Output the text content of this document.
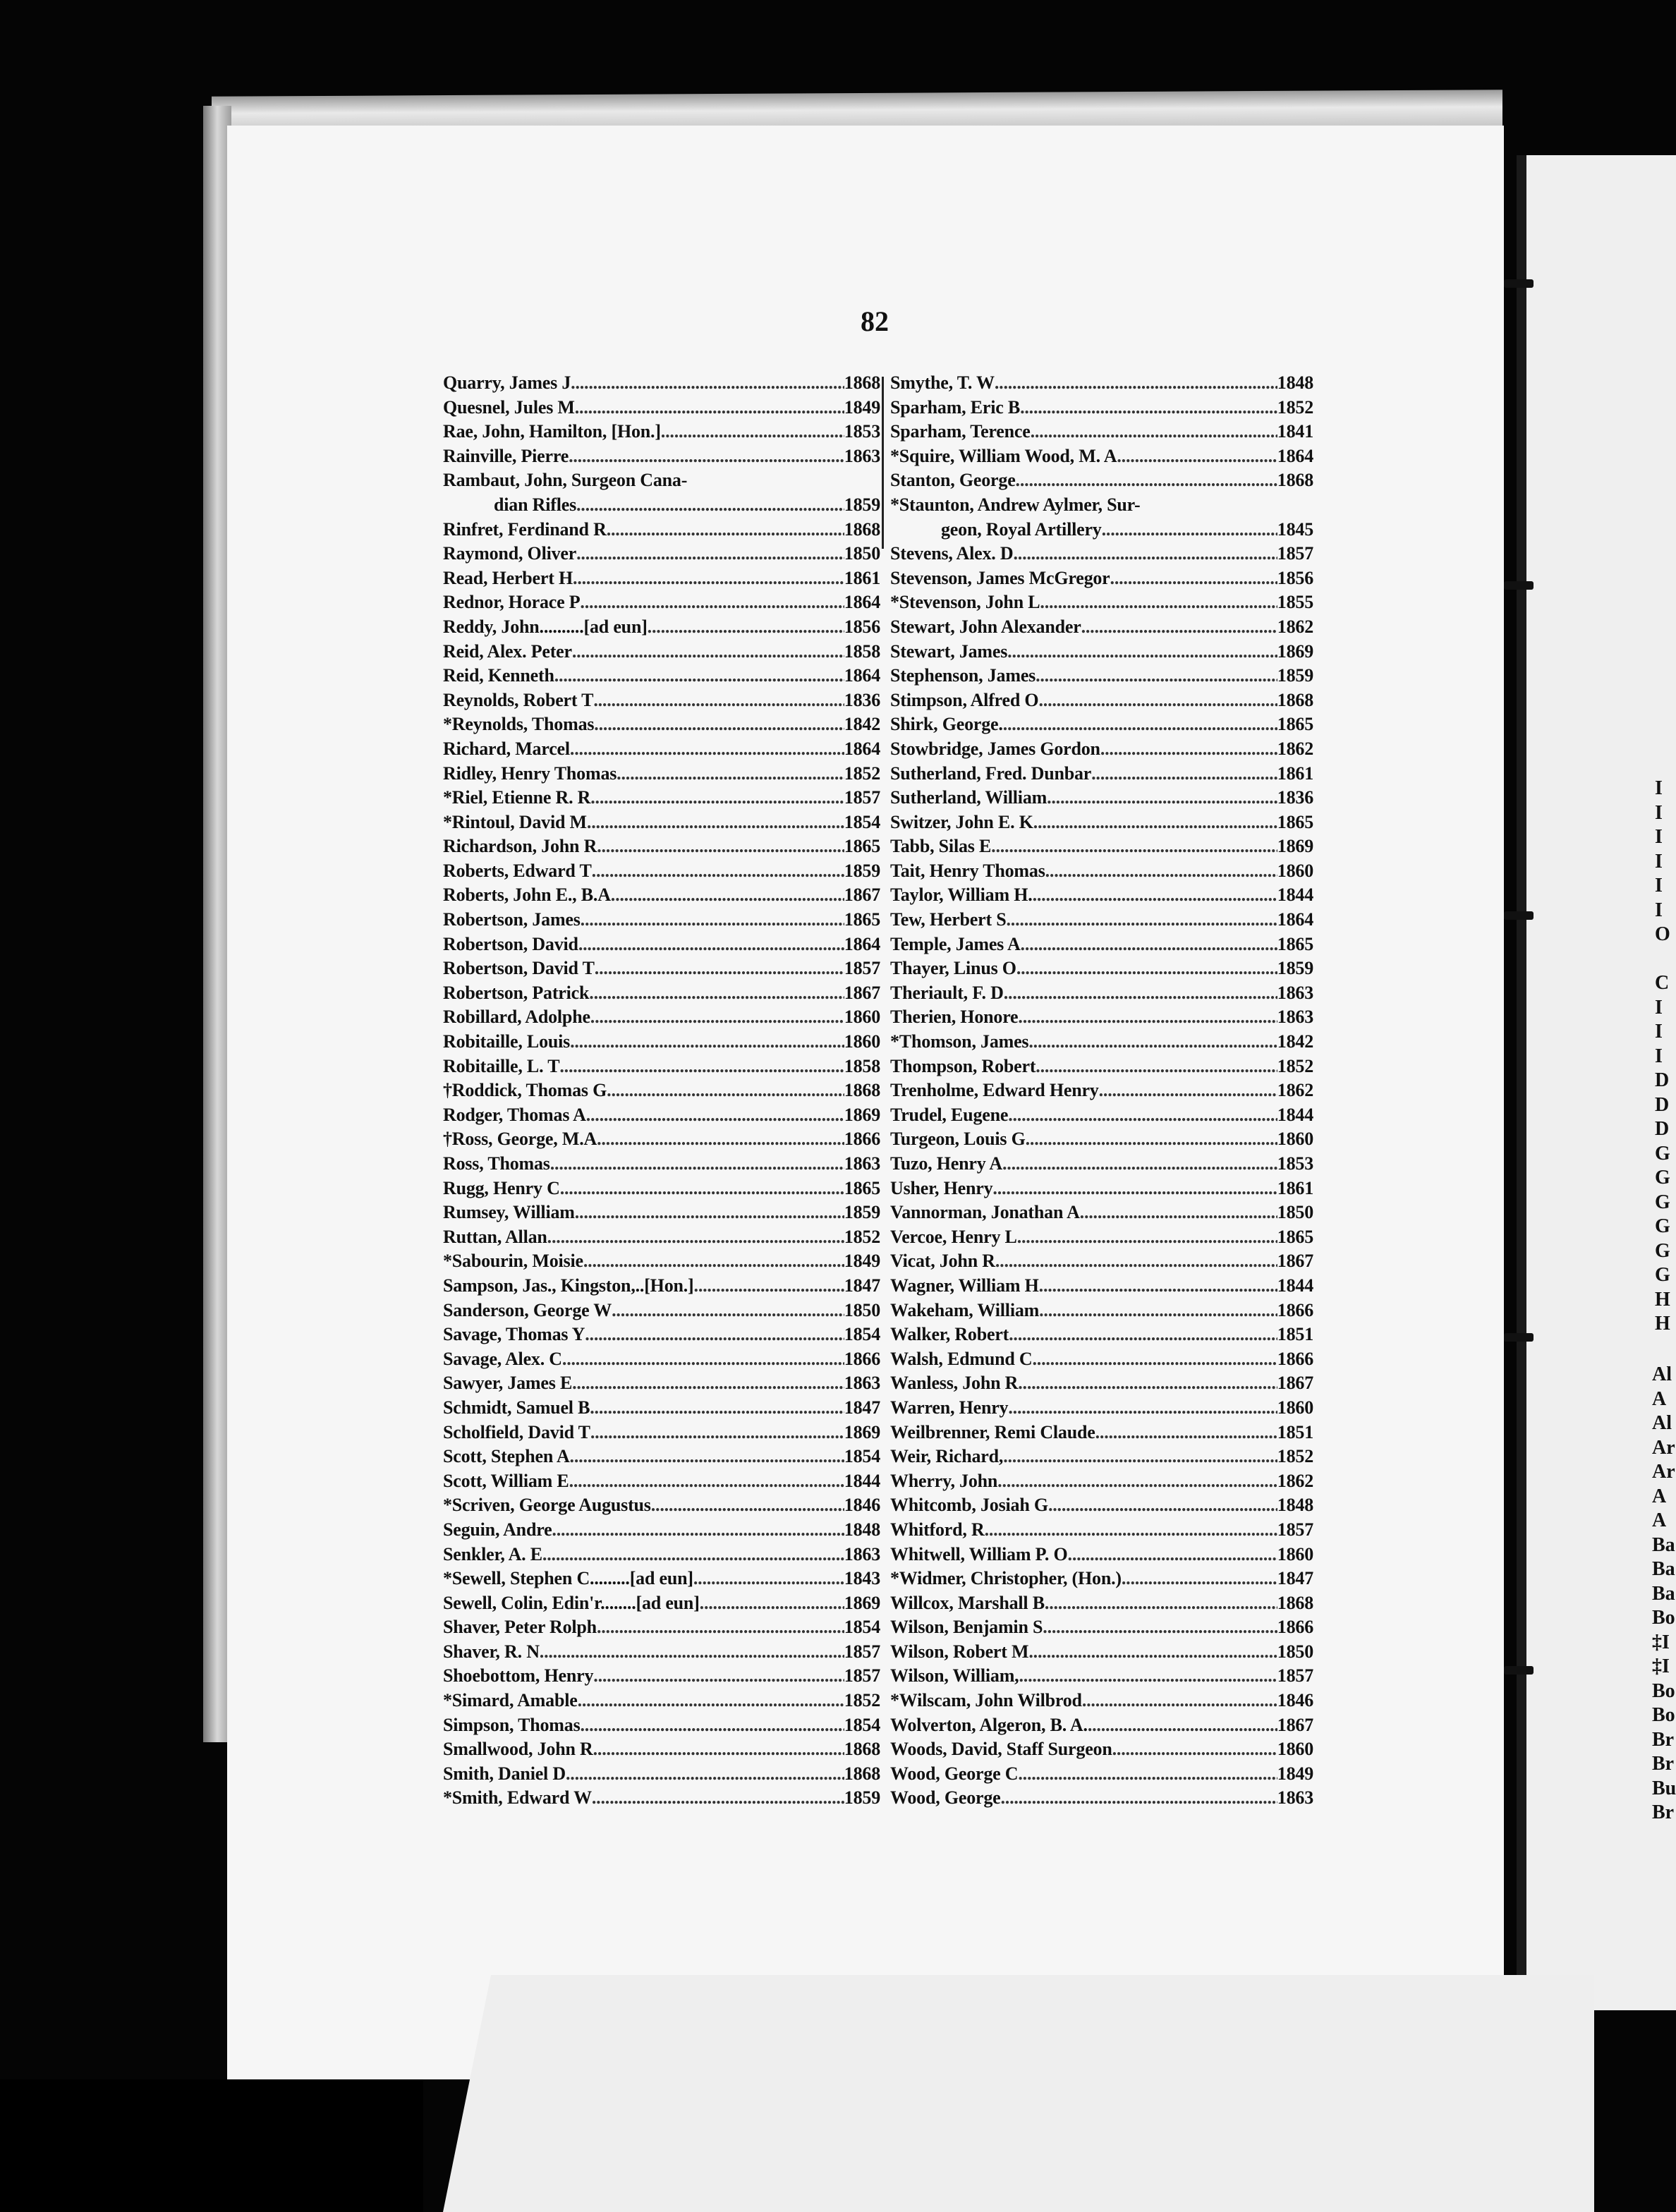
82
Quarry, James J .....	1868
Quesnel, Jules M .....	1849
Rae, John, Hamilton, [Hon.] .....	1853
Rainville, Pierre .....	1863
Rambaut, John, Surgeon Cana-
dian Rifles .....	1859
Rinfret, Ferdinand R .....	1868
Raymond, Oliver .....	1850
Read, Herbert H .....	1861
Rednor, Horace P .....	1864
Reddy, John..........[ad eun] .....	1856
Reid, Alex. Peter .....	1858
Reid, Kenneth .....	1864
Reynolds, Robert T .....	1836
*Reynolds, Thomas .....	1842
Richard, Marcel .....	1864
Ridley, Henry Thomas .....	1852
*Riel, Etienne R. R .....	1857
*Rintoul, David M .....	1854
Richardson, John R .....	1865
Roberts, Edward T .....	1859
Roberts, John E., B.A .....	1867
Robertson, James .....	1865
Robertson, David .....	1864
Robertson, David T .....	1857
Robertson, Patrick .....	1867
Robillard, Adolphe .....	1860
Robitaille, Louis .....	1860
Robitaille, L. T .....	1858
†Roddick, Thomas G .....	1868
Rodger, Thomas A .....	1869
†Ross, George, M.A .....	1866
Ross, Thomas .....	1863
Rugg, Henry C .....	1865
Rumsey, William .....	1859
Ruttan, Allan .....	1852
*Sabourin, Moisie .....	1849
Sampson, Jas., Kingston,..[Hon.] .....	1847
Sanderson, George W .....	1850
Savage, Thomas Y .....	1854
Savage, Alex. C .....	1866
Sawyer, James E .....	1863
Schmidt, Samuel B .....	1847
Scholfield, David T .....	1869
Scott, Stephen A .....	1854
Scott, William E .....	1844
*Scriven, George Augustus .....	1846
Seguin, Andre .....	1848
Senkler, A. E .....	1863
*Sewell, Stephen C.........[ad eun] .....	1843
Sewell, Colin, Edin'r........[ad eun] .....	1869
Shaver, Peter Rolph .....	1854
Shaver, R. N .....	1857
Shoebottom, Henry .....	1857
*Simard, Amable .....	1852
Simpson, Thomas .....	1854
Smallwood, John R .....	1868
Smith, Daniel D .....	1868
*Smith, Edward W .....	1859
Smythe, T. W .....	1848
Sparham, Eric B .....	1852
Sparham, Terence .....	1841
*Squire, William Wood, M. A .....	1864
Stanton, George .....	1868
*Staunton, Andrew Aylmer, Sur-
geon, Royal Artillery .....	1845
Stevens, Alex. D .....	1857
Stevenson, James McGregor .....	1856
*Stevenson, John L .....	1855
Stewart, John Alexander .....	1862
Stewart, James .....	1869
Stephenson, James .....	1859
Stimpson, Alfred O .....	1868
Shirk, George. .....	1865
Stowbridge, James Gordon .....	1862
Sutherland, Fred. Dunbar .....	1861
Sutherland, William .....	1836
Switzer, John E. K .....	1865
Tabb, Silas E .....	1869
Tait, Henry Thomas .....	1860
Taylor, William H. .....	1844
Tew, Herbert S .....	1864
Temple, James A .....	1865
Thayer, Linus O .....	1859
Theriault, F. D .....	1863
Therien, Honore .....	1863
*Thomson, James .....	1842
Thompson, Robert .....	1852
Trenholme, Edward Henry .....	1862
Trudel, Eugene .....	1844
Turgeon, Louis G .....	1860
Tuzo, Henry A .....	1853
Usher, Henry .....	1861
Vannorman, Jonathan A .....	1850
Vercoe, Henry L .....	1865
Vicat, John R .....	1867
Wagner, William H .....	1844
Wakeham, William .....	1866
Walker, Robert .....	1851
Walsh, Edmund C .....	1866
Wanless, John R .....	1867
Warren, Henry .....	1860
Weilbrenner, Remi Claude .....	1851
Weir, Richard, .....	1852
Wherry, John .....	1862
Whitcomb, Josiah G .....	1848
Whitford, R .....	1857
Whitwell, William P. O .....	1860
*Widmer, Christopher, (Hon.) .....	1847
Willcox, Marshall B .....	1868
Wilson, Benjamin S .....	1866
Wilson, Robert M .....	1850
Wilson, William, .....	1857
*Wilscam, John Wilbrod .....	1846
Wolverton, Algeron, B. A. .....	1867
Woods, David, Staff Surgeon .....	1860
Wood, George C .....	1849
Wood, George .....	1863
I
I
I
I
I
I
O
C
I
I
I
D
D
D
G
G
G
G
G
G
H
H
Al
A
Al
Ar
Ar
A
A
Ba
Ba
Ba
Bo
‡I
‡I
Bo
Bo
Br
Br
Bu
Br
